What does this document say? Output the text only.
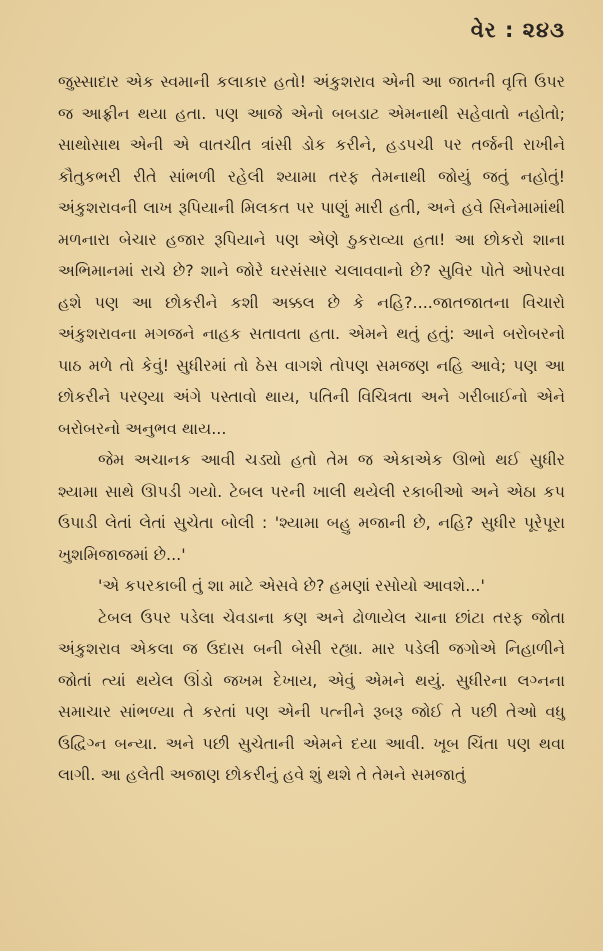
વેર : ૨૪૩

જુસ્સાદાર એક સ્વમાની કલાકાર હતો! અંકુશરાવ એની આ જાતની વૃત્તિ ઉપર જ આફ્રીન થયા હતા. પણ આજે એનો બબડાટ એમનાથી સહેવાતો નહોતો; સાથોસાથ એની એ વાતચીત ત્રાંસી ડોક કરીને, હડપચી પર તર્જની રાખીને કૌતુકભરી રીતે સાંભળી રહેલી શ્યામા તરફ તેમનાથી જોયું જતું નહોતું! અંકુશરાવની લાખ રૂપિયાની મિલકત પર પાણું મારી હતી, અને હવે સિનેમામાંથી મળનારા બેચાર હજાર રૂપિયાને પણ એણે ઠુકરાવ્યા હતા! આ છોકરો શાના અભિમાનમાં રાચે છે? શાને જોરે ઘરસંસાર ચલાવવાનો છે? સુવિર પોતે ઓપરવા હશે પણ આ છોકરીને કશી અક્કલ છે કે નહિ?....જાતજાતના વિચારો અંકુશરાવના મગજને નાહક સતાવતા હતા. એમને થતું હતું: આને બરોબરનો પાઠ મળે તો કેવું! સુધીરમાં તો ઠેસ વાગશે તોપણ સમજણ નહિ આવે; પણ આ છોકરીને પરણ્યા અંગે પસ્તાવો થાય, પતિની વિચિત્રતા અને ગરીબાઈનો એને બરોબરનો અનુભવ થાય...

જેમ અચાનક આવી ચડ્યો હતો તેમ જ એકાએક ઊભો થઈ સુધીર શ્યામા સાથે ઊપડી ગયો. ટેબલ પરની ખાલી થયેલી રકાબીઓ અને એઠા કપ ઉપાડી લેતાં લેતાં સુચેતા બોલી : 'શ્યામા બહુ મજાની છે, નહિ? સુધીર પૂરેપૂરા ખુશમિજાજમાં છે...'

'એ કપરકાબી તું શા માટે એસવે છે? હમણાં રસોયો આવશે...'

ટેબલ ઉપર પડેલા ચેવડાના કણ અને ઢોળાયેલ ચાના છાંટા તરફ જોતા અંકુશરાવ એકલા જ ઉદાસ બની બેસી રહ્યા. માર પડેલી જગોએ નિહાળીને જોતાં ત્યાં થયેલ ઊંડો જખમ દેખાય, એવું એમને થયું. સુધીરના લગ્નના સમાચાર સાંભળ્યા તે કરતાં પણ એની પત્નીને રૂબરૂ જોઈ તે પછી તેઓ વધુ ઉદ્વિગ્ન બન્યા. અને પછી સુચેતાની એમને દયા આવી. ખૂબ ચિંતા પણ થવા લાગી. આ હલેતી અજાણ છોકરીનું હવે શું થશે તે તેમને સમજાતું
